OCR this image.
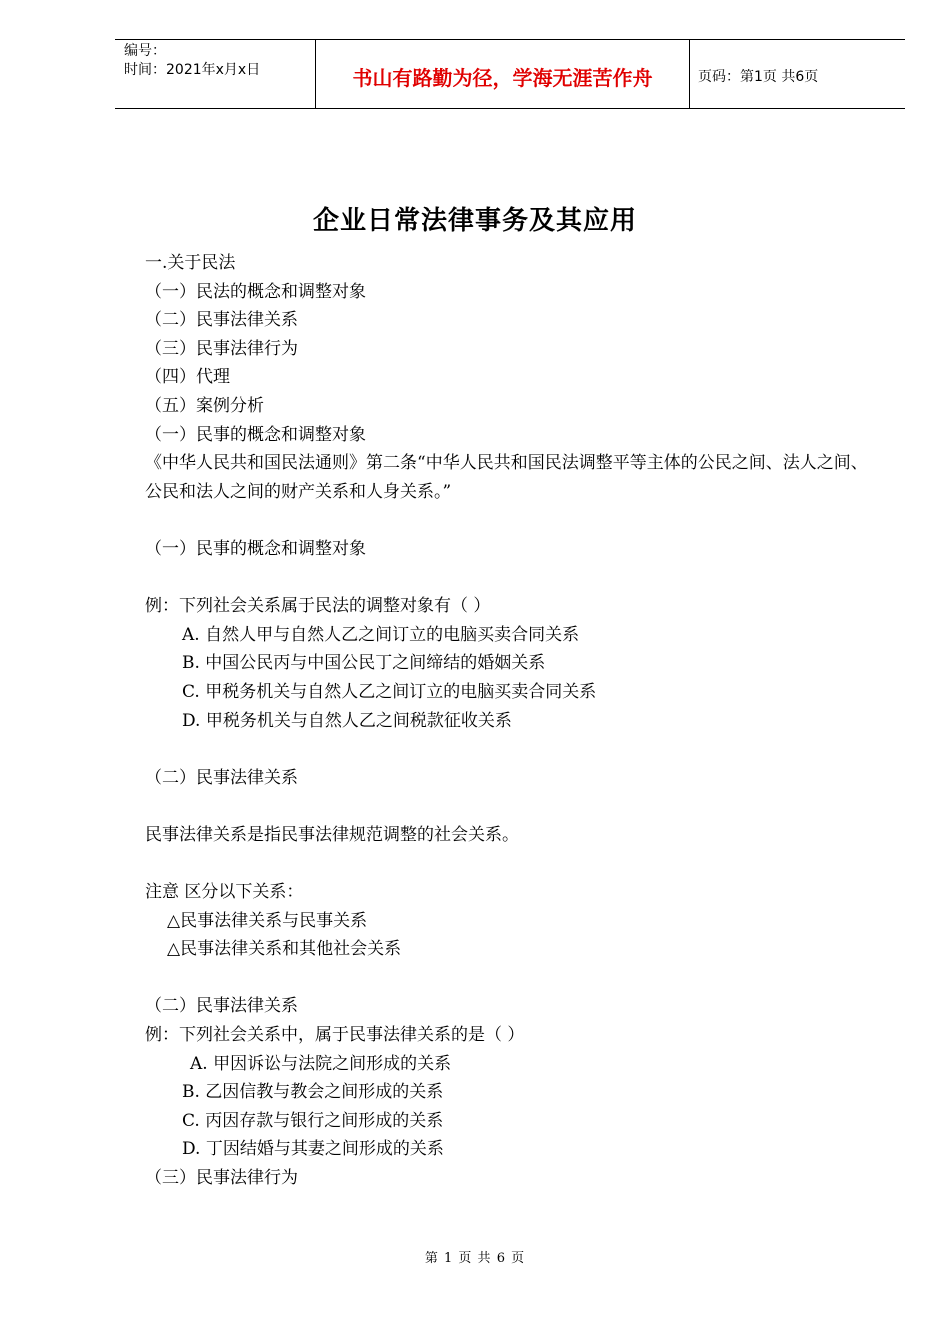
编号：
时间：2021年x月x日	书山有路勤为径，学海无涯苦作舟	页码：第1页 共6页
企业日常法律事务及其应用
一.关于民法
（一）民法的概念和调整对象
（二）民事法律关系
（三）民事法律行为
（四）代理
（五）案例分析
（一）民事的概念和调整对象
《中华人民共和国民法通则》第二条“中华人民共和国民法调整平等主体的公民之间、法人之间、公民和法人之间的财产关系和人身关系。”
（一）民事的概念和调整对象
例：下列社会关系属于民法的调整对象有（ ）
A. 自然人甲与自然人乙之间订立的电脑买卖合同关系
B. 中国公民丙与中国公民丁之间缔结的婚姻关系
C. 甲税务机关与自然人乙之间订立的电脑买卖合同关系
D. 甲税务机关与自然人乙之间税款征收关系
（二）民事法律关系
民事法律关系是指民事法律规范调整的社会关系。
注意 区分以下关系：
△民事法律关系与民事关系
△民事法律关系和其他社会关系
（二）民事法律关系
例：下列社会关系中，属于民事法律关系的是（ ）
A. 甲因诉讼与法院之间形成的关系
B. 乙因信教与教会之间形成的关系
C. 丙因存款与银行之间形成的关系
D. 丁因结婚与其妻之间形成的关系
（三）民事法律行为
第 1 页 共 6 页
